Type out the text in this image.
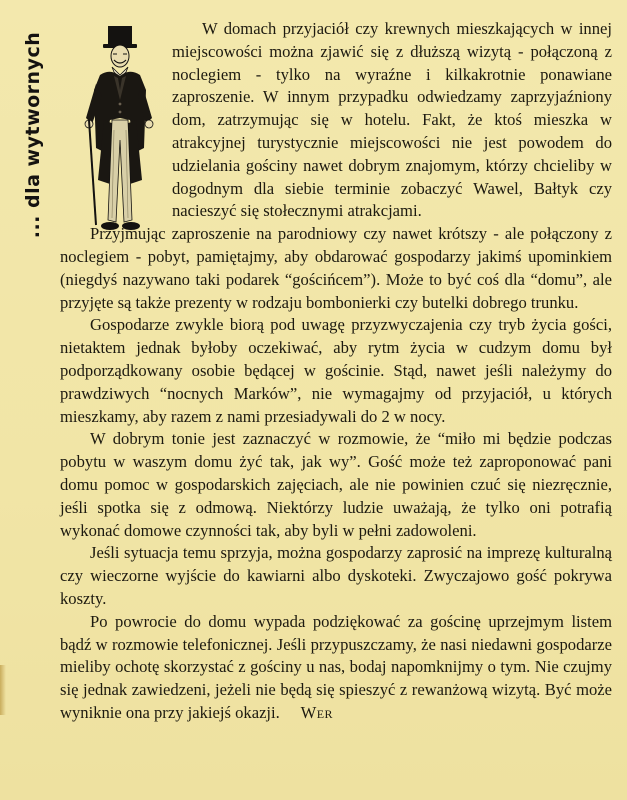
... dla wytwornych

W domach przyjaciół czy krewnych mieszkających w innej miejscowości można zjawić się z dłuższą wizytą - połączoną z noclegiem - tylko na wyraźne i kilkakrotnie ponawiane zaproszenie. W innym przypadku odwiedzamy zaprzyjaźniony dom, zatrzymując się w hotelu. Fakt, że ktoś mieszka w atrakcyjnej turystycznie miejscowości nie jest powodem do udzielania gościny nawet dobrym znajomym, którzy chcieliby w dogodnym dla siebie terminie zobaczyć Wawel, Bałtyk czy nacieszyć się stołecznymi atrakcjami.

Przyjmując zaproszenie na parodniowy czy nawet krótszy - ale połączony z noclegiem - pobyt, pamiętajmy, aby obdarować gospodarzy jakimś upominkiem (niegdyś nazywano taki podarek “gościńcem”). Może to być coś dla “domu”, ale przyjęte są także prezenty w rodzaju bombonierki czy butelki dobrego trunku.

Gospodarze zwykle biorą pod uwagę przyzwyczajenia czy tryb życia gości, nietaktem jednak byłoby oczekiwać, aby rytm życia w cudzym domu był podporządkowany osobie będącej w gościnie. Stąd, nawet jeśli należymy do prawdziwych “nocnych Marków”, nie wymagajmy od przyjaciół, u których mieszkamy, aby razem z nami przesiadywali do 2 w nocy.

W dobrym tonie jest zaznaczyć w rozmowie, że “miło mi będzie podczas pobytu w waszym domu żyć tak, jak wy”. Gość może też zaproponować pani domu pomoc w gospodarskich zajęciach, ale nie powinien czuć się niezręcznie, jeśli spotka się z odmową. Niektórzy ludzie uważają, że tylko oni potrafią wykonać domowe czynności tak, aby byli w pełni zadowoleni.

Jeśli sytuacja temu sprzyja, można gospodarzy zaprosić na imprezę kulturalną czy wieczorne wyjście do kawiarni albo dyskoteki. Zwyczajowo gość pokrywa koszty.

Po powrocie do domu wypada podziękować za gościnę uprzejmym listem bądź w rozmowie telefonicznej. Jeśli przypuszczamy, że nasi niedawni gospodarze mieliby ochotę skorzystać z gościny u nas, bodaj napomknijmy o tym. Nie czujmy się jednak zawiedzeni, jeżeli nie będą się spieszyć z rewanżową wizytą. Być może wyniknie ona przy jakiejś okazji. Wer
